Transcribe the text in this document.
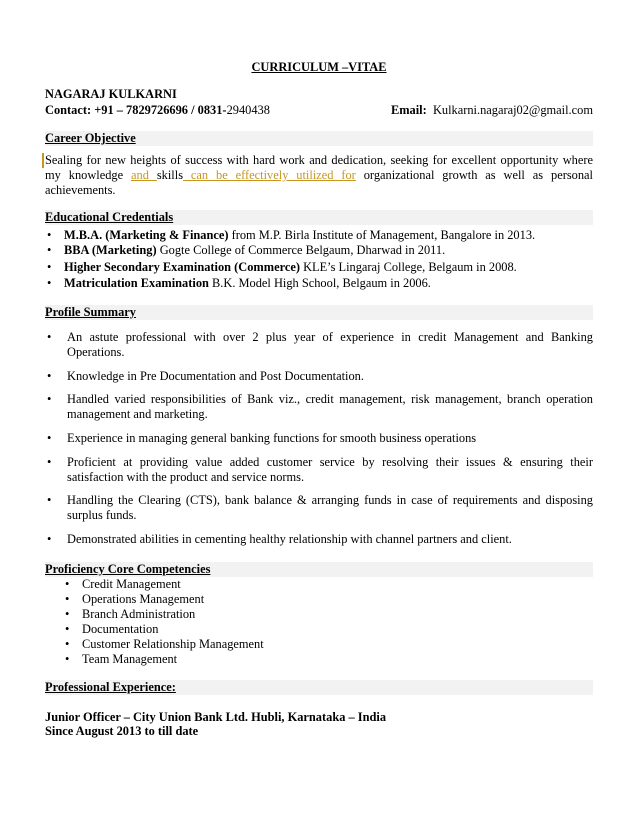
CURRICULUM –VITAE
NAGARAJ KULKARNI
Contact: +91 – 7829726696 / 0831-2940438	Email: Kulkarni.nagaraj02@gmail.com
Career Objective
Sealing for new heights of success with hard work and dedication, seeking for excellent opportunity where
my knowledge and skills can be effectively utilized for organizational growth as well as personal
achievements.
Educational Credentials
• M.B.A. (Marketing & Finance) from M.P. Birla Institute of Management, Bangalore in 2013.
• BBA (Marketing) Gogte College of Commerce Belgaum, Dharwad in 2011.
• Higher Secondary Examination (Commerce) KLE’s Lingaraj College, Belgaum in 2008.
• Matriculation Examination B.K. Model High School, Belgaum in 2006.
Profile Summary
• An astute professional with over 2 plus year of experience in credit Management and Banking Operations.
• Knowledge in Pre Documentation and Post Documentation.
• Handled varied responsibilities of Bank viz., credit management, risk management, branch operation management and marketing.
• Experience in managing general banking functions for smooth business operations
• Proficient at providing value added customer service by resolving their issues & ensuring their satisfaction with the product and service norms.
• Handling the Clearing (CTS), bank balance & arranging funds in case of requirements and disposing surplus funds.
• Demonstrated abilities in cementing healthy relationship with channel partners and client.
Proficiency Core Competencies
• Credit Management
• Operations Management
• Branch Administration
• Documentation
• Customer Relationship Management
• Team Management
Professional Experience:
Junior Officer – City Union Bank Ltd. Hubli, Karnataka – India
Since August 2013 to till date
